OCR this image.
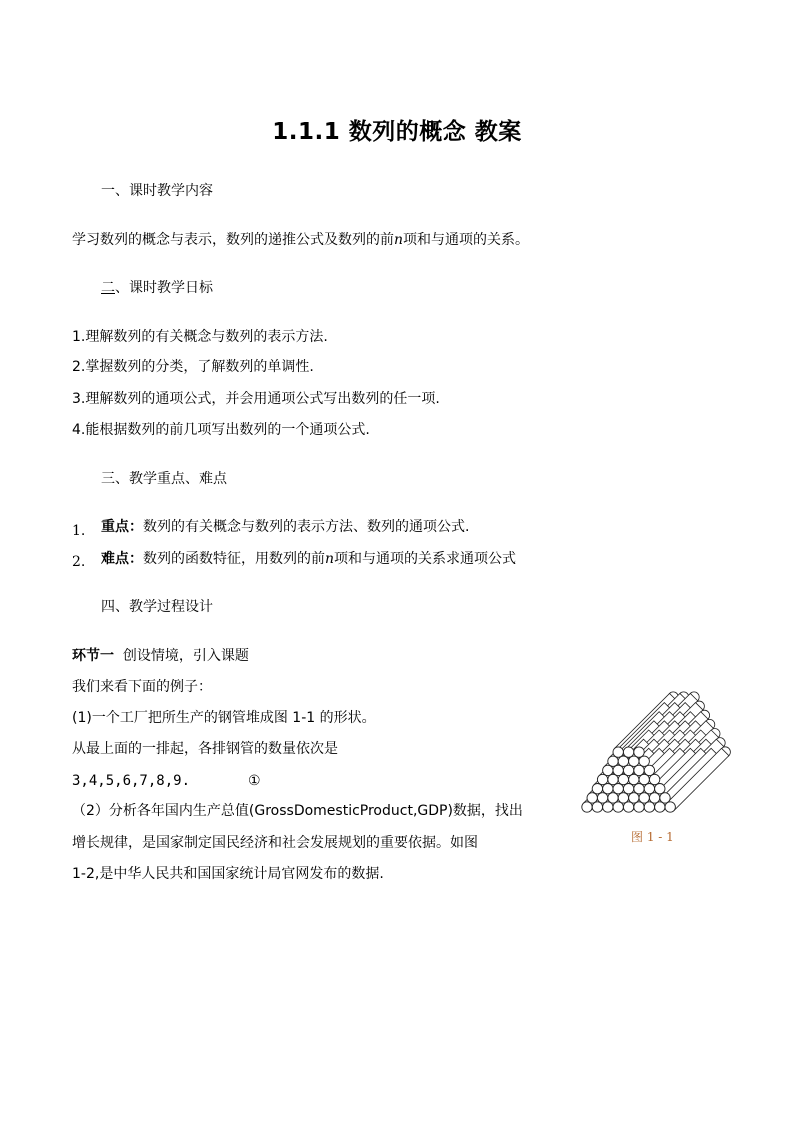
1.1.1 数列的概念 教案
一、课时教学内容
学习数列的概念与表示，数列的递推公式及数列的前n项和与通项的关系。
二、课时教学日标
1.理解数列的有关概念与数列的表示方法.
2.掌握数列的分类，了解数列的单调性.
3.理解数列的通项公式，并会用通项公式写出数列的任一项.
4.能根据数列的前几项写出数列的一个通项公式.
三、教学重点、难点
1. 重点：数列的有关概念与数列的表示方法、数列的通项公式.
2. 难点：数列的函数特征，用数列的前n项和与通项的关系求通项公式
四、教学过程设计
环节一 创设情境，引入课题
我们来看下面的例子：
(1)一个工厂把所生产的钢管堆成图 1-1 的形状。
从最上面的一排起，各排钢管的数量依次是
3,4,5,6,7,8,9.	①
（2）分析各年国内生产总值(GrossDomesticProduct,GDP)数据，找出
增长规律，是国家制定国民经济和社会发展规划的重要依据。如图
1-2,是中华人民共和国国家统计局官网发布的数据.
图 1 - 1
